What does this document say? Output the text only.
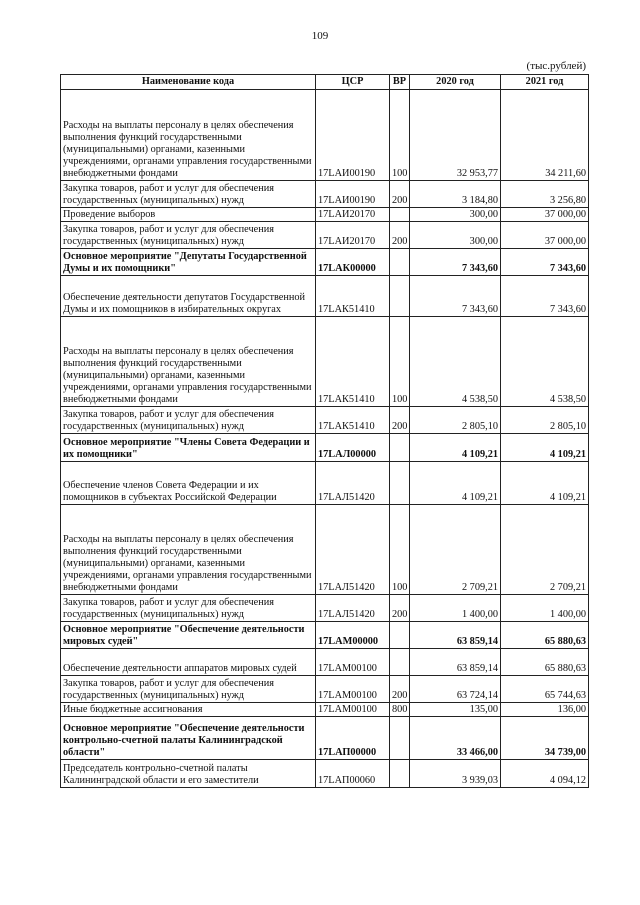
109
(тыс.рублей)
Наименование кода	ЦСР	ВР	2020 год	2021 год
Расходы на выплаты персоналу в целях обеспечения выполнения функций государственными (муниципальными) органами, казенными учреждениями, органами управления государственными внебюджетными фондами	17LАИ00190	100	32 953,77	34 211,60
Закупка товаров, работ и услуг для обеспечения государственных (муниципальных) нужд	17LАИ00190	200	3 184,80	3 256,80
Проведение выборов	17LАИ20170		300,00	37 000,00
Закупка товаров, работ и услуг для обеспечения государственных (муниципальных) нужд	17LАИ20170	200	300,00	37 000,00
Основное мероприятие "Депутаты Государственной Думы и их помощники"	17LАК00000		7 343,60	7 343,60
Обеспечение деятельности депутатов Государственной Думы и их помощников в избирательных округах	17LАК51410		7 343,60	7 343,60
Расходы на выплаты персоналу в целях обеспечения выполнения функций государственными (муниципальными) органами, казенными учреждениями, органами управления государственными внебюджетными фондами	17LАК51410	100	4 538,50	4 538,50
Закупка товаров, работ и услуг для обеспечения государственных (муниципальных) нужд	17LАК51410	200	2 805,10	2 805,10
Основное мероприятие "Члены Совета Федерации и их помощники"	17LАЛ00000		4 109,21	4 109,21
Обеспечение членов Совета Федерации и их помощников в субъектах Российской Федерации	17LАЛ51420		4 109,21	4 109,21
Расходы на выплаты персоналу в целях обеспечения выполнения функций государственными (муниципальными) органами, казенными учреждениями, органами управления государственными внебюджетными фондами	17LАЛ51420	100	2 709,21	2 709,21
Закупка товаров, работ и услуг для обеспечения государственных (муниципальных) нужд	17LАЛ51420	200	1 400,00	1 400,00
Основное мероприятие "Обеспечение деятельности мировых судей"	17LАМ00000		63 859,14	65 880,63
Обеспечение деятельности аппаратов мировых судей	17LАМ00100		63 859,14	65 880,63
Закупка товаров, работ и услуг для обеспечения государственных (муниципальных) нужд	17LАМ00100	200	63 724,14	65 744,63
Иные бюджетные ассигнования	17LАМ00100	800	135,00	136,00
Основное мероприятие "Обеспечение деятельности контрольно-счетной палаты Калининградской области"	17LАП00000		33 466,00	34 739,00
Председатель контрольно-счетной палаты Калининградской области и его заместители	17LАП00060		3 939,03	4 094,12
